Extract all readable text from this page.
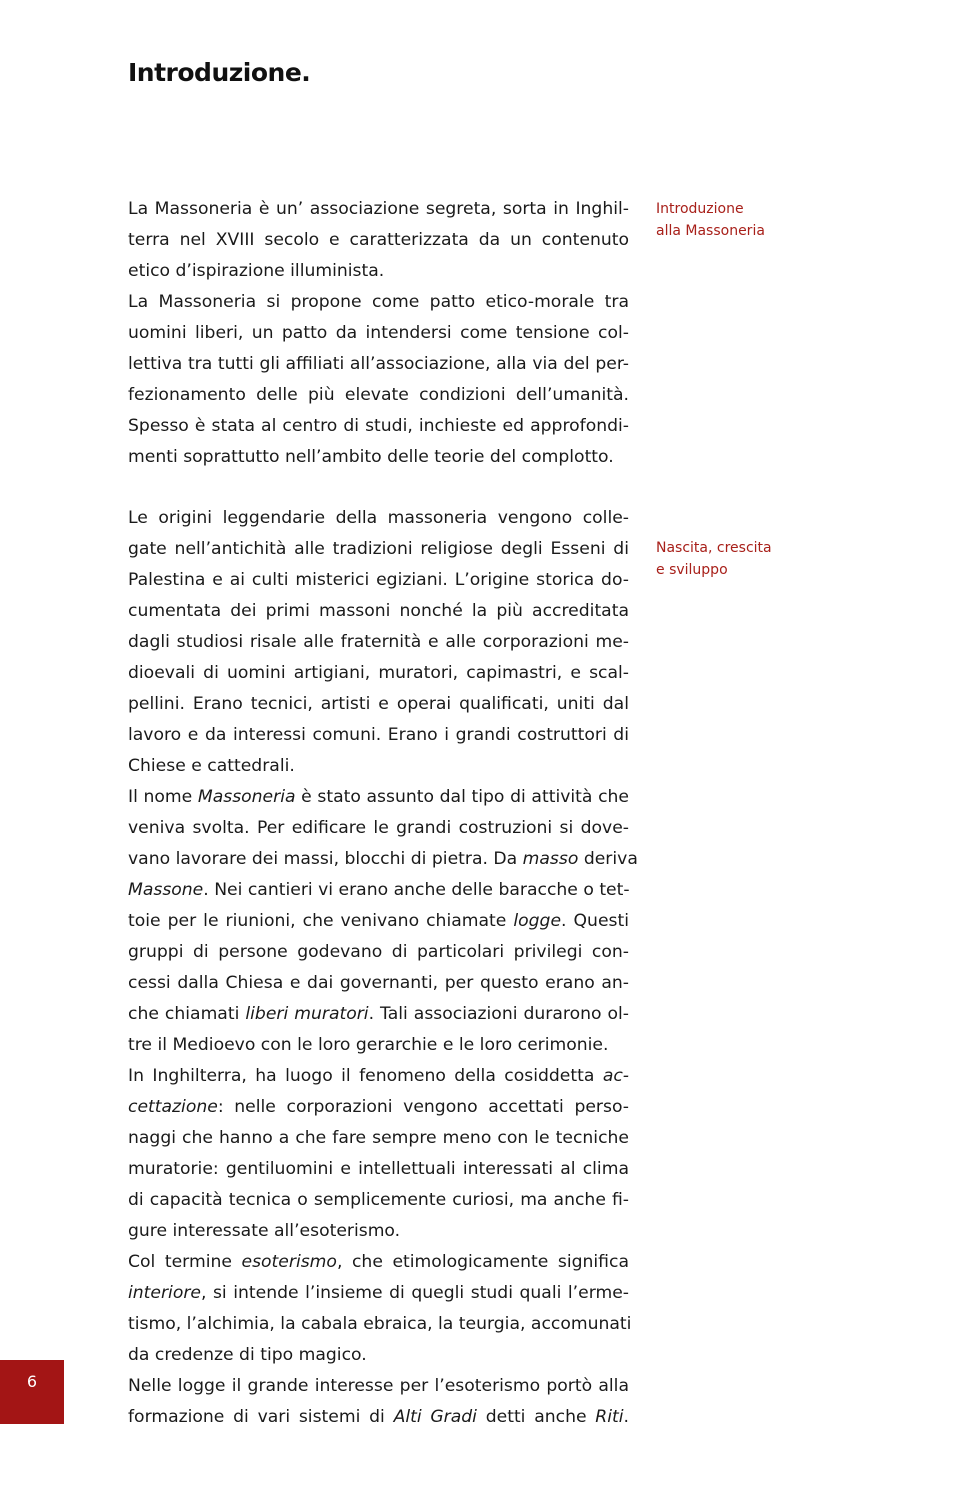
Introduzione.
La Massoneria è un’ associazione segreta, sorta in Inghil-
terra nel XVIII secolo e caratterizzata da un contenuto
etico d’ispirazione illuminista.
La Massoneria si propone come patto etico-morale tra
uomini liberi, un patto da intendersi come tensione col-
lettiva tra tutti gli affiliati all’associazione, alla via del per-
fezionamento delle più elevate condizioni dell’umanità.
Spesso è stata al centro di studi, inchieste ed approfondi-
menti soprattutto nell’ambito delle teorie del complotto.
Le origini leggendarie della massoneria vengono colle-
gate nell’antichità alle tradizioni religiose degli Esseni di
Palestina e ai culti misterici egiziani. L’origine storica do-
cumentata dei primi massoni nonché la più accreditata
dagli studiosi risale alle fraternità e alle corporazioni me-
dioevali di uomini artigiani, muratori, capimastri, e scal-
pellini. Erano tecnici, artisti e operai qualificati, uniti dal
lavoro e da interessi comuni. Erano i grandi costruttori di
Chiese e cattedrali.
Il nome Massoneria è stato assunto dal tipo di attività che
veniva svolta. Per edificare le grandi costruzioni si dove-
vano lavorare dei massi, blocchi di pietra. Da masso deriva
Massone. Nei cantieri vi erano anche delle baracche o tet-
toie per le riunioni, che venivano chiamate logge. Questi
gruppi di persone godevano di particolari privilegi con-
cessi dalla Chiesa e dai governanti, per questo erano an-
che chiamati liberi muratori. Tali associazioni durarono ol-
tre il Medioevo con le loro gerarchie e le loro cerimonie.
In Inghilterra, ha luogo il fenomeno della cosiddetta ac-
cettazione: nelle corporazioni vengono accettati perso-
naggi che hanno a che fare sempre meno con le tecniche
muratorie: gentiluomini e intellettuali interessati al clima
di capacità tecnica o semplicemente curiosi, ma anche fi-
gure interessate all’esoterismo.
Col termine esoterismo, che etimologicamente significa
interiore, si intende l’insieme di quegli studi quali l’erme-
tismo, l’alchimia, la cabala ebraica, la teurgia, accomunati
da credenze di tipo magico.
Nelle logge il grande interesse per l’esoterismo portò alla
formazione di vari sistemi di Alti Gradi detti anche Riti.
Introduzione
alla Massoneria
Nascita, crescita
e sviluppo
6
